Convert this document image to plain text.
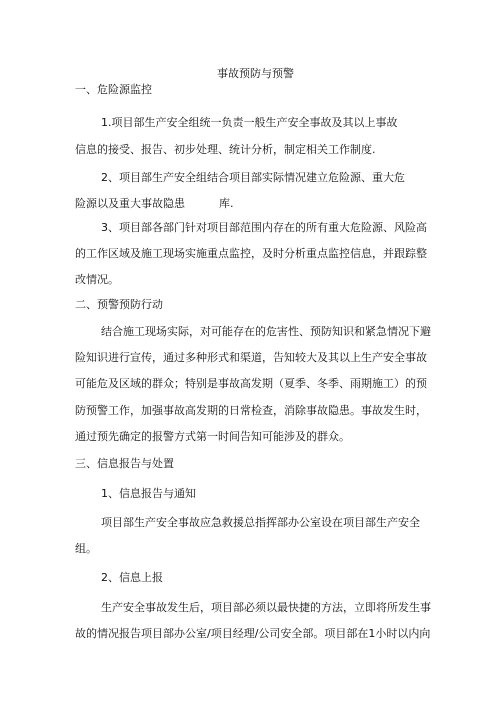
事故预防与预警

一、危险源监控

1.项目部生产安全组统一负责一般生产安全事故及其以上事故

信息的接受、报告、初步处理、统计分析，制定相关工作制度.

2、项目部生产安全组结合项目部实际情况建立危险源、重大危

险源以及重大事故隐患	库.

3、项目部各部门针对项目部范围内存在的所有重大危险源、风险高

的工作区域及施工现场实施重点监控，及时分析重点监控信息，并跟踪整

改情况。

二、预警预防行动

结合施工现场实际，对可能存在的危害性、预防知识和紧急情况下避

险知识进行宣传，通过多种形式和渠道，告知较大及其以上生产安全事故

可能危及区域的群众；特别是事故高发期（夏季、冬季、雨期施工）的预

防预警工作，加强事故高发期的日常检查，消除事故隐患。事故发生时，

通过预先确定的报警方式第一时间告知可能涉及的群众。

三、信息报告与处置

1、信息报告与通知

项目部生产安全事故应急救援总指挥部办公室设在项目部生产安全

组。

2、信息上报

生产安全事故发生后，项目部必须以最快捷的方法，立即将所发生事

故的情况报告项目部办公室/项目经理/公司安全部。项目部在1小时以内向
